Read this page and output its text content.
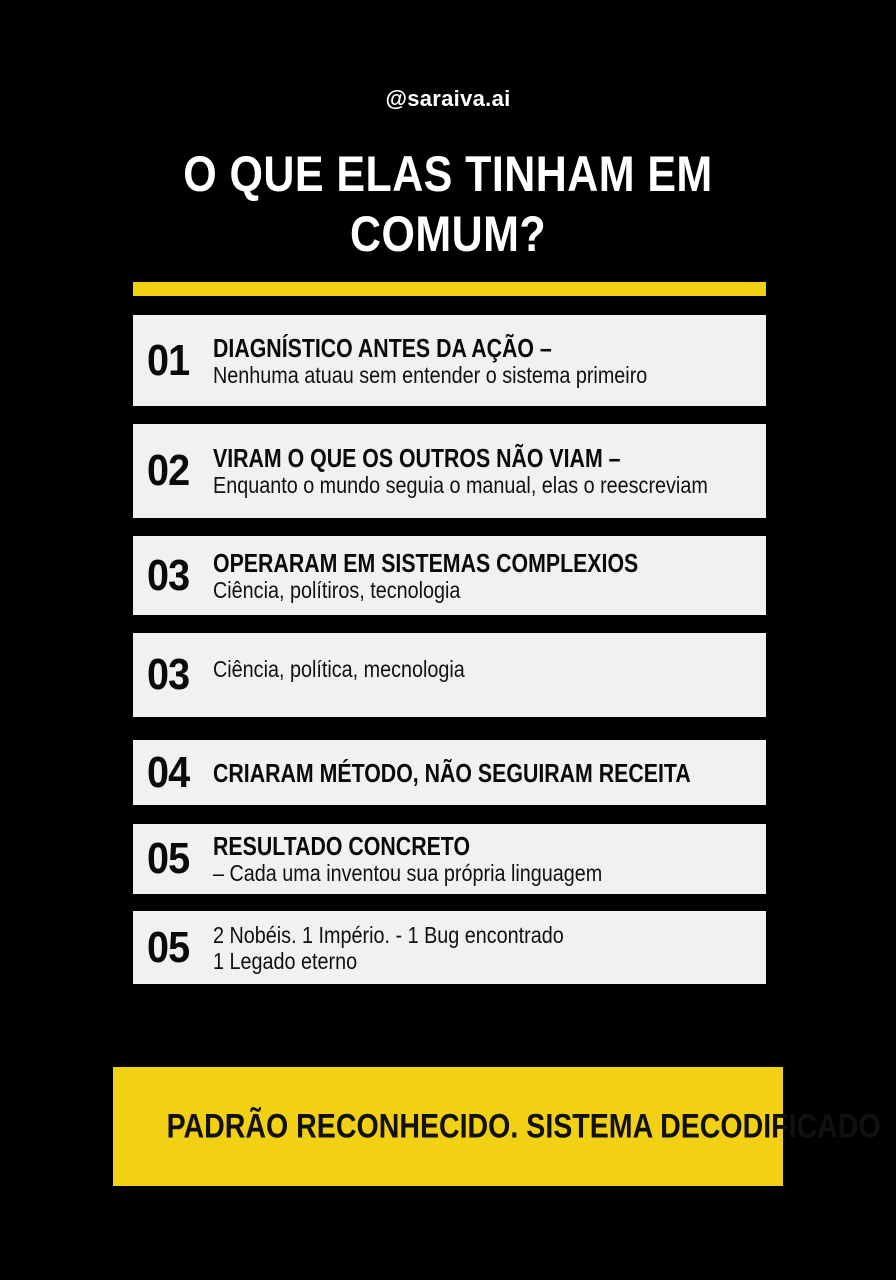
@saraiva.ai
O QUE ELAS TINHAM EM
COMUM?
01 DIAGNÍSTICO ANTES DA AÇÃO –
Nenhuma atuau sem entender o sistema primeiro
02 VIRAM O QUE OS OUTROS NÃO VIAM –
Enquanto o mundo seguia o manual, elas o reescreviam
03 OPERARAM EM SISTEMAS COMPLEXIOS
Ciência, polítiros, tecnologia
03 Ciência, política, mecnologia
04 CRIARAM MÉTODO, NÃO SEGUIRAM RECEITA
05 RESULTADO CONCRETO
– Cada uma inventou sua própria linguagem
05 2 Nobéis. 1 Império. - 1 Bug encontrado
1 Legado eterno
PADRÃO RECONHECIDO. SISTEMA DECODIFICADO
